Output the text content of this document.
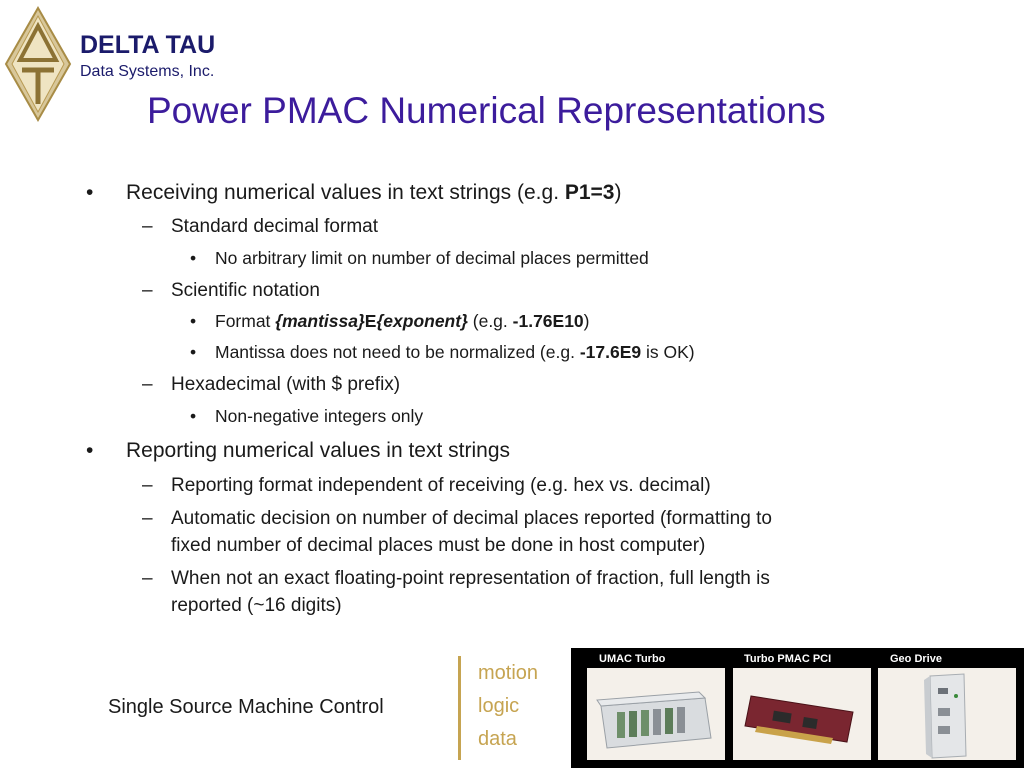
DELTA TAU
Data Systems, Inc.
Power PMAC Numerical Representations
• Receiving numerical values in text strings (e.g. P1=3)
– Standard decimal format
• No arbitrary limit on number of decimal places permitted
– Scientific notation
• Format {mantissa}E{exponent} (e.g. -1.76E10)
• Mantissa does not need to be normalized (e.g. -17.6E9 is OK)
– Hexadecimal (with $ prefix)
• Non-negative integers only
• Reporting numerical values in text strings
– Reporting format independent of receiving (e.g. hex vs. decimal)
– Automatic decision on number of decimal places reported (formatting to
fixed number of decimal places must be done in host computer)
– When not an exact floating-point representation of fraction, full length is
reported (~16 digits)
Single Source Machine Control
motion
logic
data
UMAC Turbo	Turbo PMAC PCI	Geo Drive
